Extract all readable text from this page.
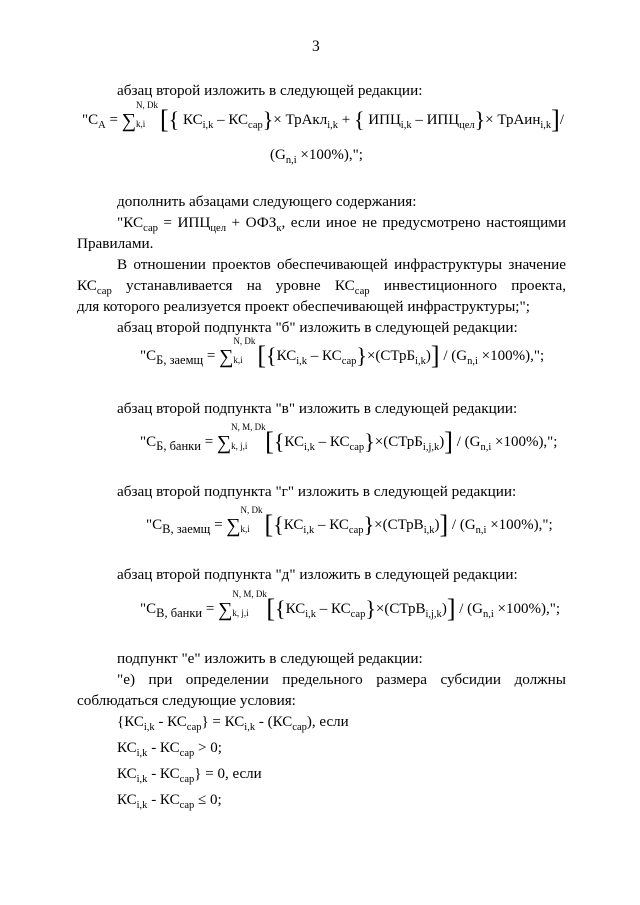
3
абзац второй изложить в следующей редакции:
"$C_A$ = ∑
N, Dk
k,i [{ $КС_{i,k} - КС_{сар}\}\times$ ТрАкл$_{i,k}$ + { $ИПЦ_{i,k} - ИПЦ_{цел}\}\times$ ТрАин$_{i,k}$]/
$(G_{n,i} \times 100\%)$,";
дополнить абзацами следующего содержания:
"$КС_{сар} = ИПЦ_{цел} + ОФЗ_к$, если иное не предусмотрено настоящими
Правилами.
В отношении проектов обеспечивающей инфраструктуры значение
$КС_{сар}$ устанавливается на уровне $КС_{сар}$ инвестиционного проекта,
для которого реализуется проект обеспечивающей инфраструктуры;";
абзац второй подпункта "б" изложить в следующей редакции:
"$C_{Б, заемщ}$ = ∑
N, Dk
k,i [{$КС_{i,k}$ – $КС_{сар}\}\times(СТрБ_{i,k})] / (G_{n,i} \times 100\%)$,";
абзац второй подпункта "в" изложить в следующей редакции:
"$C_{Б, банки}$ = ∑
N, M, Dk
k, j,i [{$КС_{i,k}$ – $КС_{сар}\}\times(СТрБ_{i,j,k})] / (G_{n,i} \times 100\%)$,";
абзац второй подпункта "г" изложить в следующей редакции:
"$C_{В, заемщ}$ = ∑
N, Dk
k,i [{$КС_{i,k}$ – $КС_{сар}\}\times(СТрВ_{i,k})] / (G_{n,i} \times 100\%)$,";
абзац второй подпункта "д" изложить в следующей редакции:
"$C_{В, банки}$ = ∑
N, M, Dk
k, j,i [{$КС_{i,k}$ – $КС_{сар}\}\times(СТрВ_{i,j,k})] / (G_{n,i} \times 100\%)$,";
подпункт "е" изложить в следующей редакции:
"е) при определении предельного размера субсидии должны
соблюдаться следующие условия:
$\{КС_{i,k} - КС_{сар}\} = КС_{i,k} - (КС_{сар})$, если
$КС_{i,k} - КС_{сар} > 0$;
$КС_{i,k} - КС_{сар}\} = 0$, если
$КС_{i,k} - КС_{сар} \le 0$;
